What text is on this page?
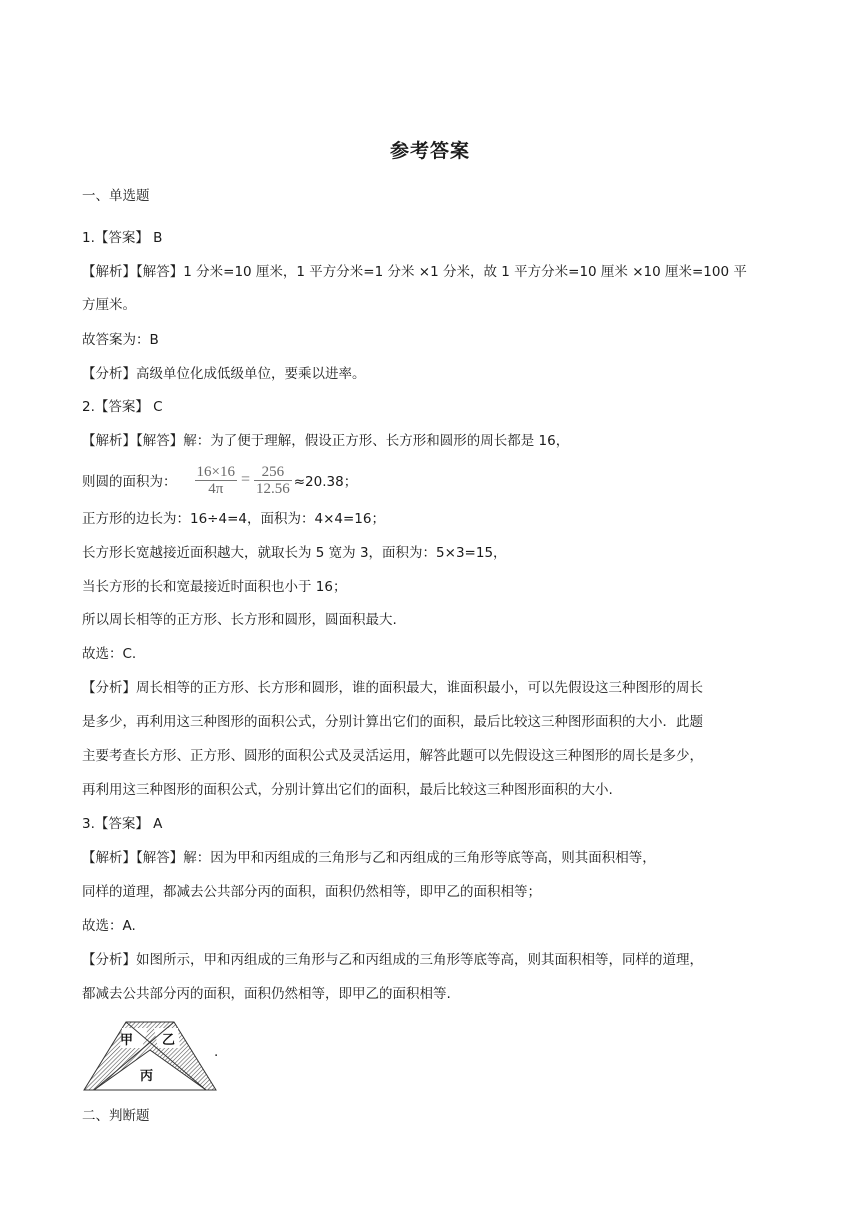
参考答案
一、单选题
1.【答案】 B
【解析】【解答】1 分米=10 厘米，1 平方分米=1 分米 ×1 分米，故 1 平方分米=10 厘米 ×10 厘米=100 平
方厘米。
故答案为：B
【分析】高级单位化成低级单位，要乘以进率。
2.【答案】 C
【解析】【解答】解：为了便于理解，假设正方形、长方形和圆形的周长都是 16，
则圆的面积为： $\frac{16\times 16}{4\pi} = \frac{256}{12.56} \approx 20.38$；
正方形的边长为：16÷4=4，面积为：4×4=16；
长方形长宽越接近面积越大，就取长为 5 宽为 3，面积为：5×3=15，
当长方形的长和宽最接近时面积也小于 16；
所以周长相等的正方形、长方形和圆形，圆面积最大.
故选：C.
【分析】周长相等的正方形、长方形和圆形，谁的面积最大，谁面积最小，可以先假设这三种图形的周长
是多少，再利用这三种图形的面积公式，分别计算出它们的面积，最后比较这三种图形面积的大小．此题
主要考查长方形、正方形、圆形的面积公式及灵活运用，解答此题可以先假设这三种图形的周长是多少，
再利用这三种图形的面积公式，分别计算出它们的面积，最后比较这三种图形面积的大小.
3.【答案】 A
【解析】【解答】解：因为甲和丙组成的三角形与乙和丙组成的三角形等底等高，则其面积相等，
同样的道理，都减去公共部分丙的面积，面积仍然相等，即甲乙的面积相等；
故选：A.
【分析】如图所示，甲和丙组成的三角形与乙和丙组成的三角形等底等高，则其面积相等，同样的道理，
都减去公共部分丙的面积，面积仍然相等，即甲乙的面积相等.
甲 乙
丙
.
二、判断题
